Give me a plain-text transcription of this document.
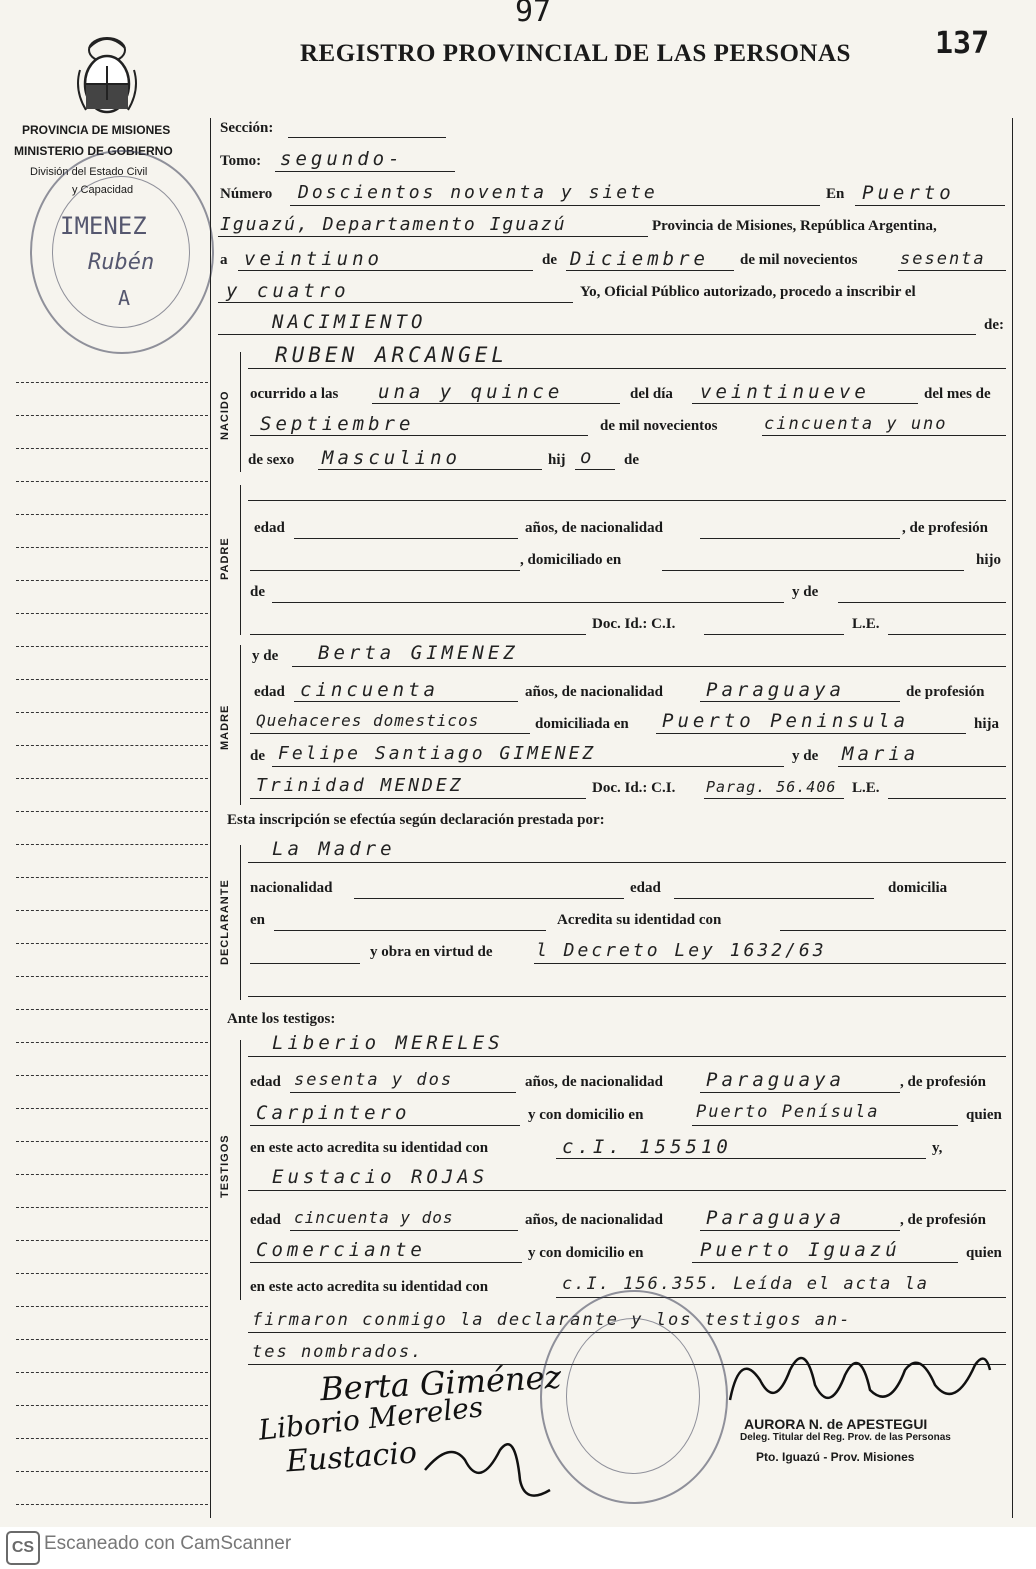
97
137
REGISTRO PROVINCIAL DE LAS PERSONAS
PROVINCIA DE MISIONES
MINISTERIO DE GOBIERNO
División del Estado Civil
y Capacidad
IMENEZ
Rubén
A
NACIDO
PADRE
MADRE
DECLARANTE
TESTIGOS
Sección:
Tomo: segundo-
Número Doscientos noventa y siete	En Puerto
Iguazú, Departamento Iguazú	Provincia de Misiones, República Argentina,
a veintiuno	de Diciembre de mil novecientos	sesenta
y cuatro	Yo, Oficial Público autorizado, procedo a inscribir el
NACIMIENTO	de:
RUBEN ARCANGEL
ocurrido a las una y quince	del día veintinueve	del mes de
Septiembre	de mil novecientos	cincuenta y uno
de sexo Masculino	hij o de
edad	años, de nacionalidad	, de profesión
, domiciliado en	hijo
de	y de
Doc. Id.: C.I.	L.E.
y de Berta GIMENEZ
edad cincuenta	años, de nacionalidad Paraguaya	de profesión
Quehaceres domesticos	domiciliada en Puerto Peninsula	hija
de Felipe Santiago GIMENEZ	y de Maria
Trinidad MENDEZ	Doc. Id.: C.I. Parag. 56.406 L.E.
Esta inscripción se efectúa según declaración prestada por:
La Madre
nacionalidad	edad	domicilia
en	Acredita su identidad con
y obra en virtud de l Decreto Ley 1632/63
Ante los testigos:
Liberio MERELES
edad sesenta y dos	años, de nacionalidad Paraguaya	, de profesión
Carpintero	y con domicilio en	Puerto Penísula	quien
en este acto acredita su identidad con	c.I. 155510	y,
Eustacio ROJAS
edad cincuenta y dos	años, de nacionalidad Paraguaya	, de profesión
Comerciante	y con domicilio en	Puerto Iguazú	quien
en este acto acredita su identidad con	c.I. 156.355. Leída el acta la
firmaron conmigo la declarante y los testigos an-
tes nombrados.
Berta Giménez
Liborio Mereles
Eustacio
AURORA N. de APESTEGUI
Deleg. Titular del Reg. Prov. de las Personas
Pto. Iguazú - Prov. Misiones
CS Escaneado con CamScanner
